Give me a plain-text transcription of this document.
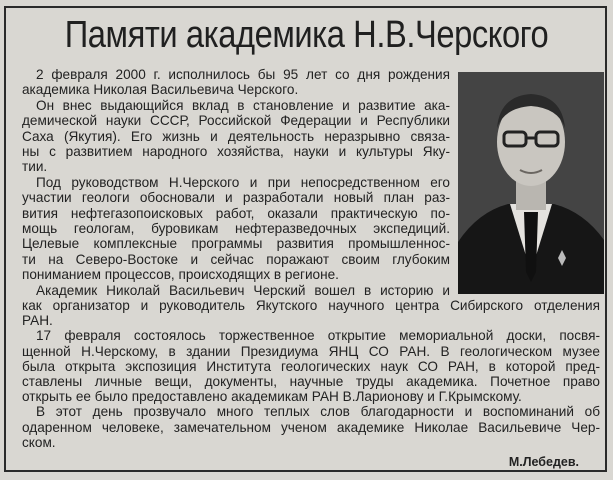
Памяти академика Н.В.Черского
2 февраля 2000 г. исполнилось бы 95 лет со дня рождения
академика Николая Васильевича Черского.
Он внес выдающийся вклад в становление и развитие ака-
демической науки СССР, Российской Федерации и Республики
Саха (Якутия). Его жизнь и деятельность неразрывно связа-
ны с развитием народного хозяйства, науки и культуры Яку-
тии.
Под руководством Н.Черского и при непосредственном его
участии геологи обосновали и разработали новый план раз-
вития нефтегазопоисковых работ, оказали практическую по-
мощь геологам, буровикам нефтеразведочных экспедиций.
Целевые комплексные программы развития промышленнос-
ти на Северо-Востоке и сейчас поражают своим глубоким
пониманием процессов, происходящих в регионе.
Академик Николай Васильевич Черский вошел в историю и
как организатор и руководитель Якутского научного центра Сибирского отделения
РАН.
17 февраля состоялось торжественное открытие мемориальной доски, посвя-
щенной Н.Черскому, в здании Президиума ЯНЦ СО РАН. В геологическом музее
была открыта экспозиция Института геологических наук СО РАН, в которой пред-
ставлены личные вещи, документы, научные труды академика. Почетное право
открыть ее было предоставлено академикам РАН В.Ларионову и Г.Крымскому.
В этот день прозвучало много теплых слов благодарности и воспоминаний об
одаренном человеке, замечательном ученом академике Николае Васильевиче Чер-
ском.
М.Лебедев.
